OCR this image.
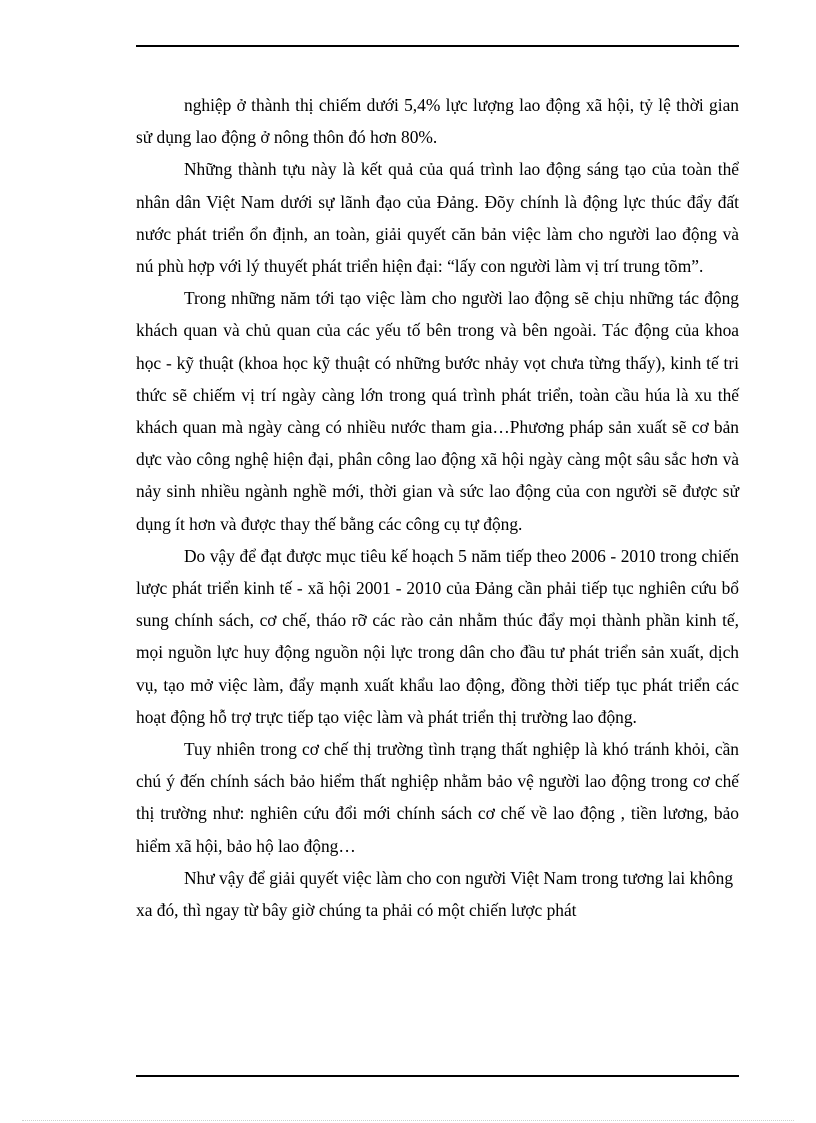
nghiệp ở thành thị chiếm dưới 5,4% lực lượng lao động xã hội, tỷ lệ thời gian sử dụng lao động ở nông thôn đó hơn 80%.

Những thành tựu này là kết quả của quá trình lao động sáng tạo của toàn thể nhân dân Việt Nam dưới sự lãnh đạo của Đảng. Đõy chính là động lực thúc đẩy đất nước phát triển ổn định, an toàn, giải quyết căn bản việc làm cho người lao động và nú phù hợp với lý thuyết phát triển hiện đại: “lấy con người làm vị trí trung tõm”.

Trong những năm tới tạo việc làm cho người lao động sẽ chịu những tác động khách quan và chủ quan của các yếu tố bên trong và bên ngoài. Tác động của khoa học - kỹ thuật (khoa học kỹ thuật có những bước nhảy vọt chưa từng thấy), kinh tế tri thức sẽ chiếm vị trí ngày càng lớn trong quá trình phát triển, toàn cầu húa là xu thế khách quan mà ngày càng có nhiều nước tham gia…Phương pháp sản xuất sẽ cơ bản dực vào công nghệ hiện đại, phân công lao động xã hội ngày càng một sâu sắc hơn và nảy sinh nhiều ngành nghề mới, thời gian và sức lao động của con người sẽ được sử dụng ít hơn và được thay thế bằng các công cụ tự động.

Do vậy để đạt được mục tiêu kế hoạch 5 năm tiếp theo 2006 - 2010 trong chiến lược phát triển kinh tế - xã hội 2001 - 2010 của Đảng cần phải tiếp tục nghiên cứu bổ sung chính sách, cơ chế, tháo rỡ các rào cản nhằm thúc đẩy mọi thành phần kinh tế, mọi nguồn lực huy động nguồn nội lực trong dân cho đầu tư phát triển sản xuất, dịch vụ, tạo mở việc làm, đẩy mạnh xuất khẩu lao động, đồng thời tiếp tục phát triển các hoạt động hỗ trợ trực tiếp tạo việc làm và phát triển thị trường lao động.

Tuy nhiên trong cơ chế thị trường tình trạng thất nghiệp là khó tránh khỏi, cần chú ý đến chính sách bảo hiểm thất nghiệp nhằm bảo vệ người lao động trong cơ chế thị trường như: nghiên cứu đổi mới chính sách cơ chế về lao động , tiền lương, bảo hiểm xã hội, bảo hộ lao động…

Như vậy để giải quyết việc làm cho con người Việt Nam trong tương lai không xa đó, thì ngay từ bây giờ chúng ta phải có một chiến lược phát
